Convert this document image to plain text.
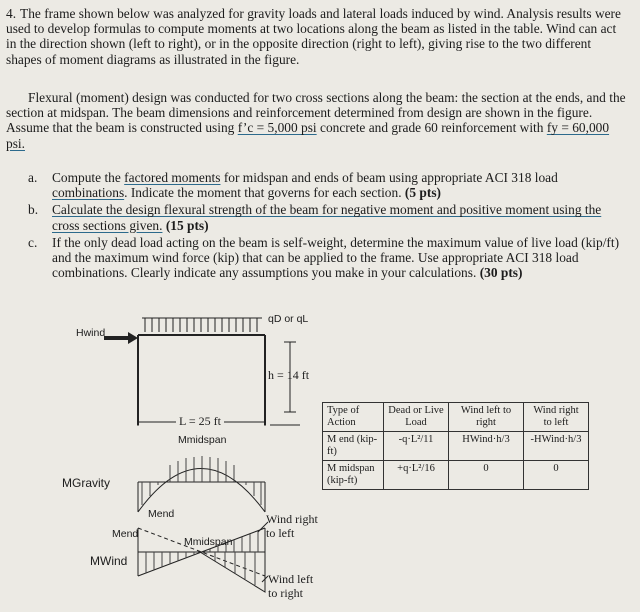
4. The frame shown below was analyzed for gravity loads and lateral loads induced by wind. Analysis results were used to develop formulas to compute moments at two locations along the beam as listed in the table. Wind can act in the direction shown (left to right), or in the opposite direction (right to left), giving rise to the two different shapes of moment diagrams as illustrated in the figure.

Flexural (moment) design was conducted for two cross sections along the beam: the section at the ends, and the section at midspan. The beam dimensions and reinforcement determined from design are shown in the figure. Assume that the beam is constructed using f’c = 5,000 psi concrete and grade 60 reinforcement with fy = 60,000 psi.

a. Compute the factored moments for midspan and ends of beam using appropriate ACI 318 load combinations. Indicate the moment that governs for each section. (5 pts)
b. Calculate the design flexural strength of the beam for negative moment and positive moment using the cross sections given. (15 pts)
c. If the only dead load acting on the beam is self-weight, determine the maximum value of live load (kip/ft) and the maximum wind force (kip) that can be applied to the frame. Use appropriate ACI 318 load combinations. Clearly indicate any assumptions you make in your calculations. (30 pts)
qD or qL
Hwind
h = 14 ft
L = 25 ft
Mmidspan
MGravity
Mend
Mend
Mmidspan
MWind
Wind right
to left
Wind left
to right
Type of Action	Dead or Live Load	Wind left to right	Wind right to left
M end (kip-ft)	-q·L²/11	HWind·h/3	-HWind·h/3
M midspan (kip-ft)	+q·L²/16	0	0
